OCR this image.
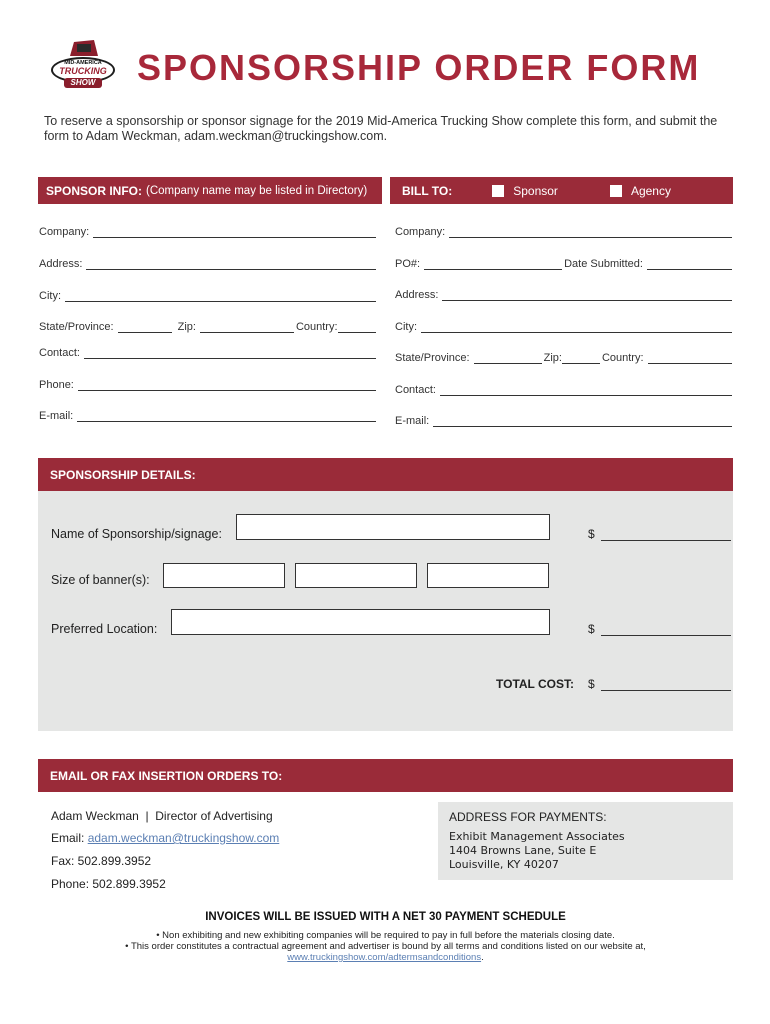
MID-AMERICA
TRUCKING
SHOW SPONSORSHIP ORDER FORM
To reserve a sponsorship or sponsor signage for the 2019 Mid-America Trucking Show complete this form, and submit the form to Adam Weckman, adam.weckman@truckingshow.com.
SPONSOR INFO: (Company name may be listed in Directory)	BILL TO:	Sponsor	Agency
Company:
Address:
City:
State/Province:	Zip:	Country:
Contact:
Phone:
E-mail:
Company:
PO#:	Date Submitted:
Address:
City:
State/Province:	Zip:	Country:
Contact:
E-mail:
SPONSORSHIP DETAILS:
Name of Sponsorship/signage:	$
Size of banner(s):
Preferred Location:	$
TOTAL COST: $
EMAIL OR FAX INSERTION ORDERS TO:
Adam Weckman  |  Director of Advertising
Email: adam.weckman@truckingshow.com
Fax: 502.899.3952
Phone: 502.899.3952
ADDRESS FOR PAYMENTS:
Exhibit Management Associates
1404 Browns Lane, Suite E
Louisville, KY 40207
INVOICES WILL BE ISSUED WITH A NET 30 PAYMENT SCHEDULE
• Non exhibiting and new exhibiting companies will be required to pay in full before the materials closing date.
• This order constitutes a contractual agreement and advertiser is bound by all terms and conditions listed on our website at,
www.truckingshow.com/adtermsandconditions.
